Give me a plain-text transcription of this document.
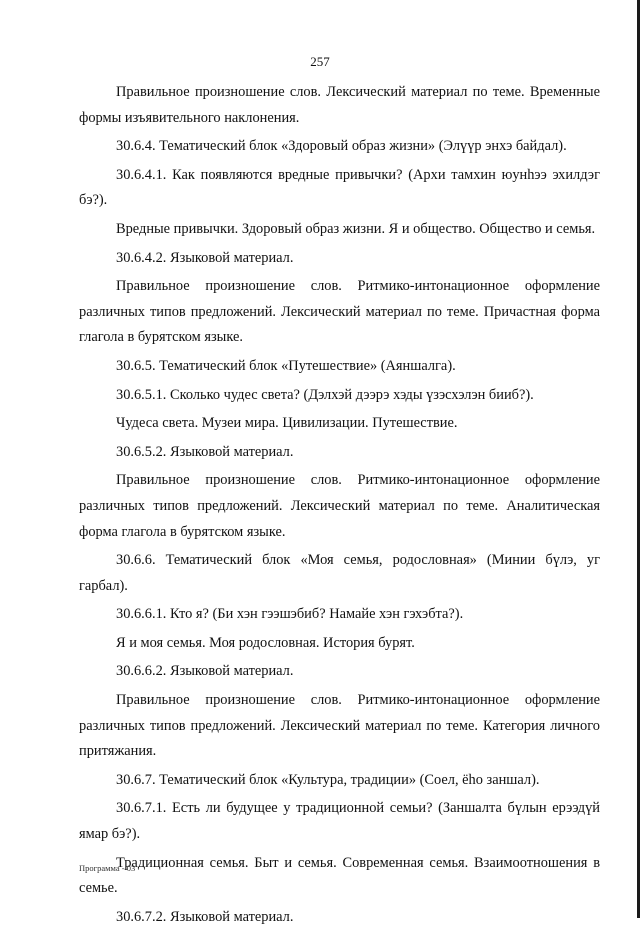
257

Правильное произношение слов. Лексический материал по теме. Временные формы изъявительного наклонения.

30.6.4. Тематический блок «Здоровый образ жизни» (Элүүр энхэ байдал).

30.6.4.1. Как появляются вредные привычки? (Архи тамхин юунһээ эхилдэг бэ?).

Вредные привычки. Здоровый образ жизни. Я и общество. Общество и семья.

30.6.4.2. Языковой материал.

Правильное произношение слов. Ритмико-интонационное оформление различных типов предложений. Лексический материал по теме. Причастная форма глагола в бурятском языке.

30.6.5. Тематический блок «Путешествие» (Аяншалга).

30.6.5.1. Сколько чудес света? (Дэлхэй дээрэ хэды үзэсхэлэн бииб?).

Чудеса света. Музеи мира. Цивилизации. Путешествие.

30.6.5.2. Языковой материал.

Правильное произношение слов. Ритмико-интонационное оформление различных типов предложений. Лексический материал по теме. Аналитическая форма глагола в бурятском языке.

30.6.6. Тематический блок «Моя семья, родословная» (Минии бүлэ, уг гарбал).

30.6.6.1. Кто я? (Би хэн гээшэбиб? Намайе хэн гэхэбта?).

Я и моя семья. Моя родословная. История бурят.

30.6.6.2. Языковой материал.

Правильное произношение слов. Ритмико-интонационное оформление различных типов предложений. Лексический материал по теме. Категория личного притяжания.

30.6.7. Тематический блок «Культура, традиции» (Соел, ёһо заншал).

30.6.7.1. Есть ли будущее у традиционной семьи? (Заншалта бүлын ерээдүй ямар бэ?).

Традиционная семья. Быт и семья. Современная семья. Взаимоотношения в семье.

30.6.7.2. Языковой материал.

Программа - 03
